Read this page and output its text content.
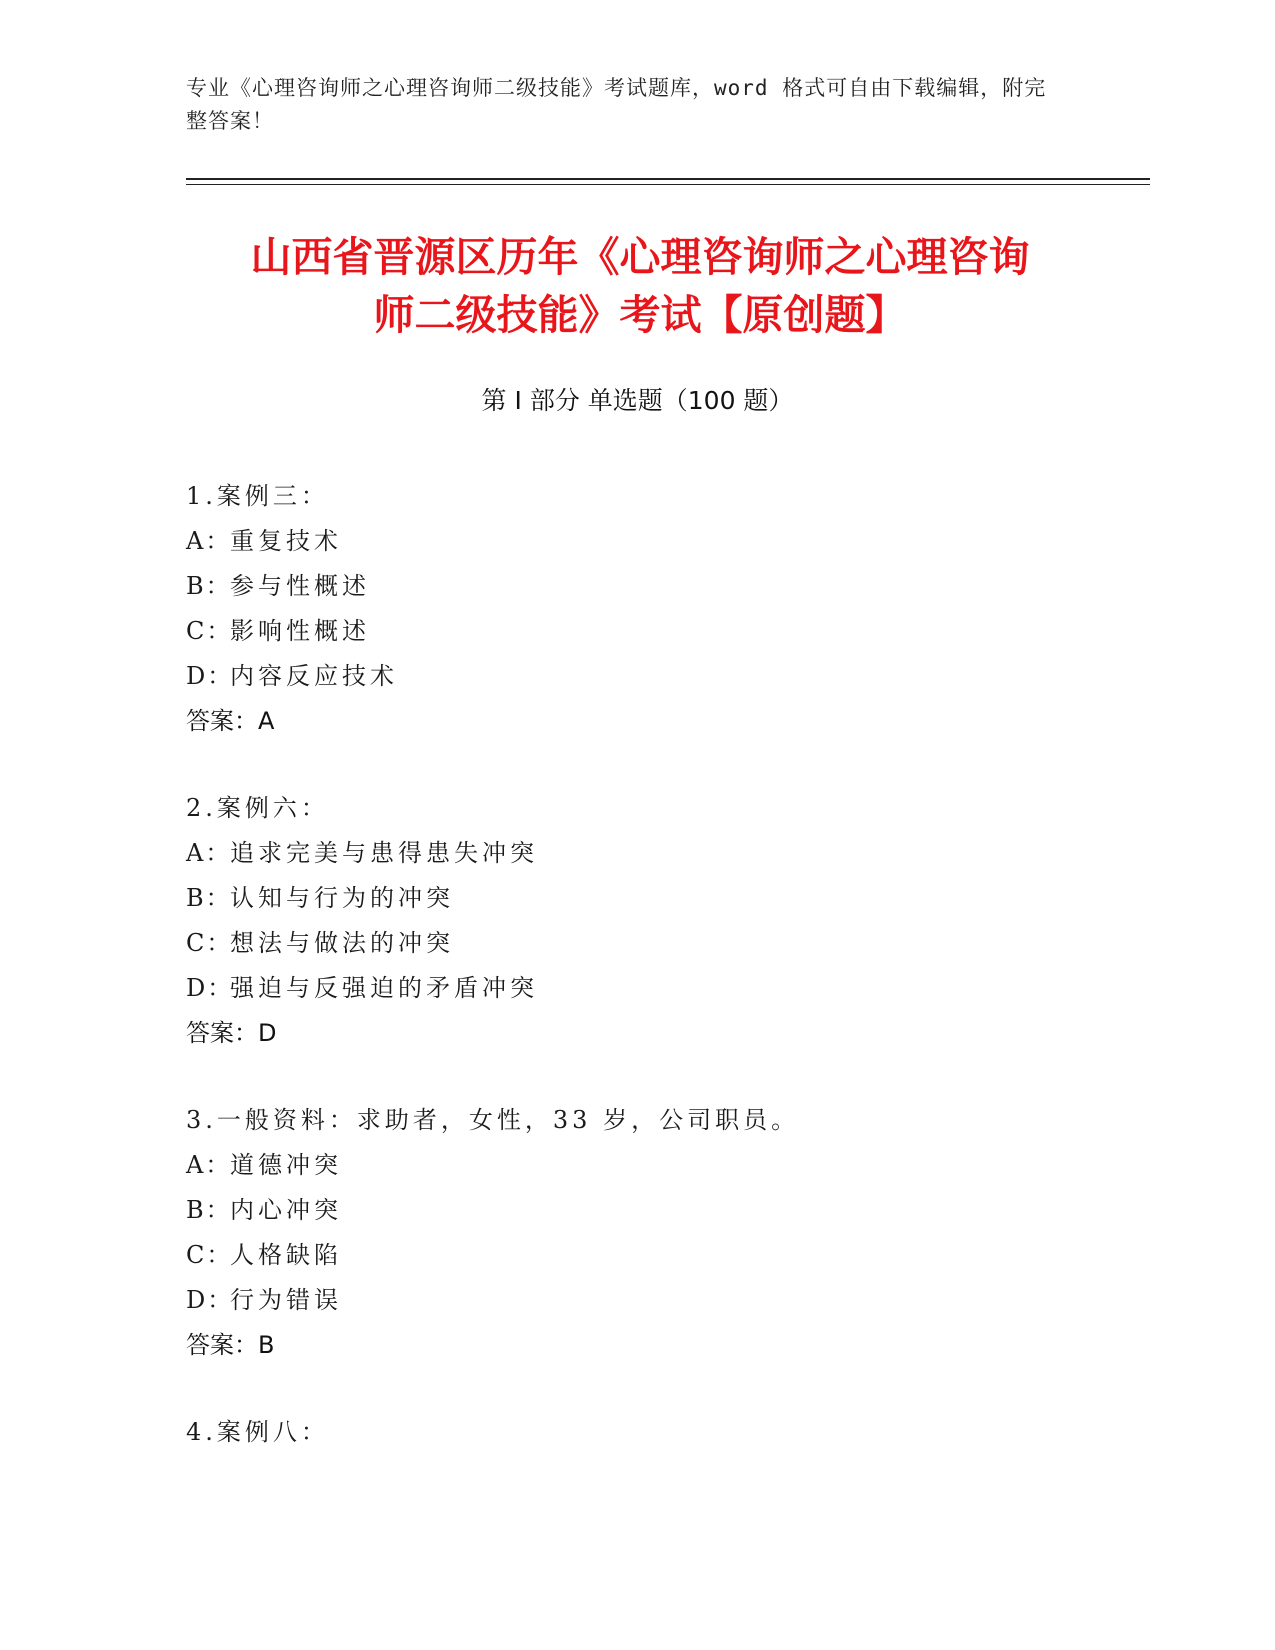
专业《心理咨询师之心理咨询师二级技能》考试题库，word 格式可自由下载编辑，附完整答案！
山西省晋源区历年《心理咨询师之心理咨询
师二级技能》考试【原创题】
第 I 部分 单选题（100 题）
1.案例三：
A：重复技术
B：参与性概述
C：影响性概述
D：内容反应技术
答案：A
2.案例六：
A：追求完美与患得患失冲突
B：认知与行为的冲突
C：想法与做法的冲突
D：强迫与反强迫的矛盾冲突
答案：D
3.一般资料：求助者，女性，33 岁，公司职员。
A：道德冲突
B：内心冲突
C：人格缺陷
D：行为错误
答案：B
4.案例八：
